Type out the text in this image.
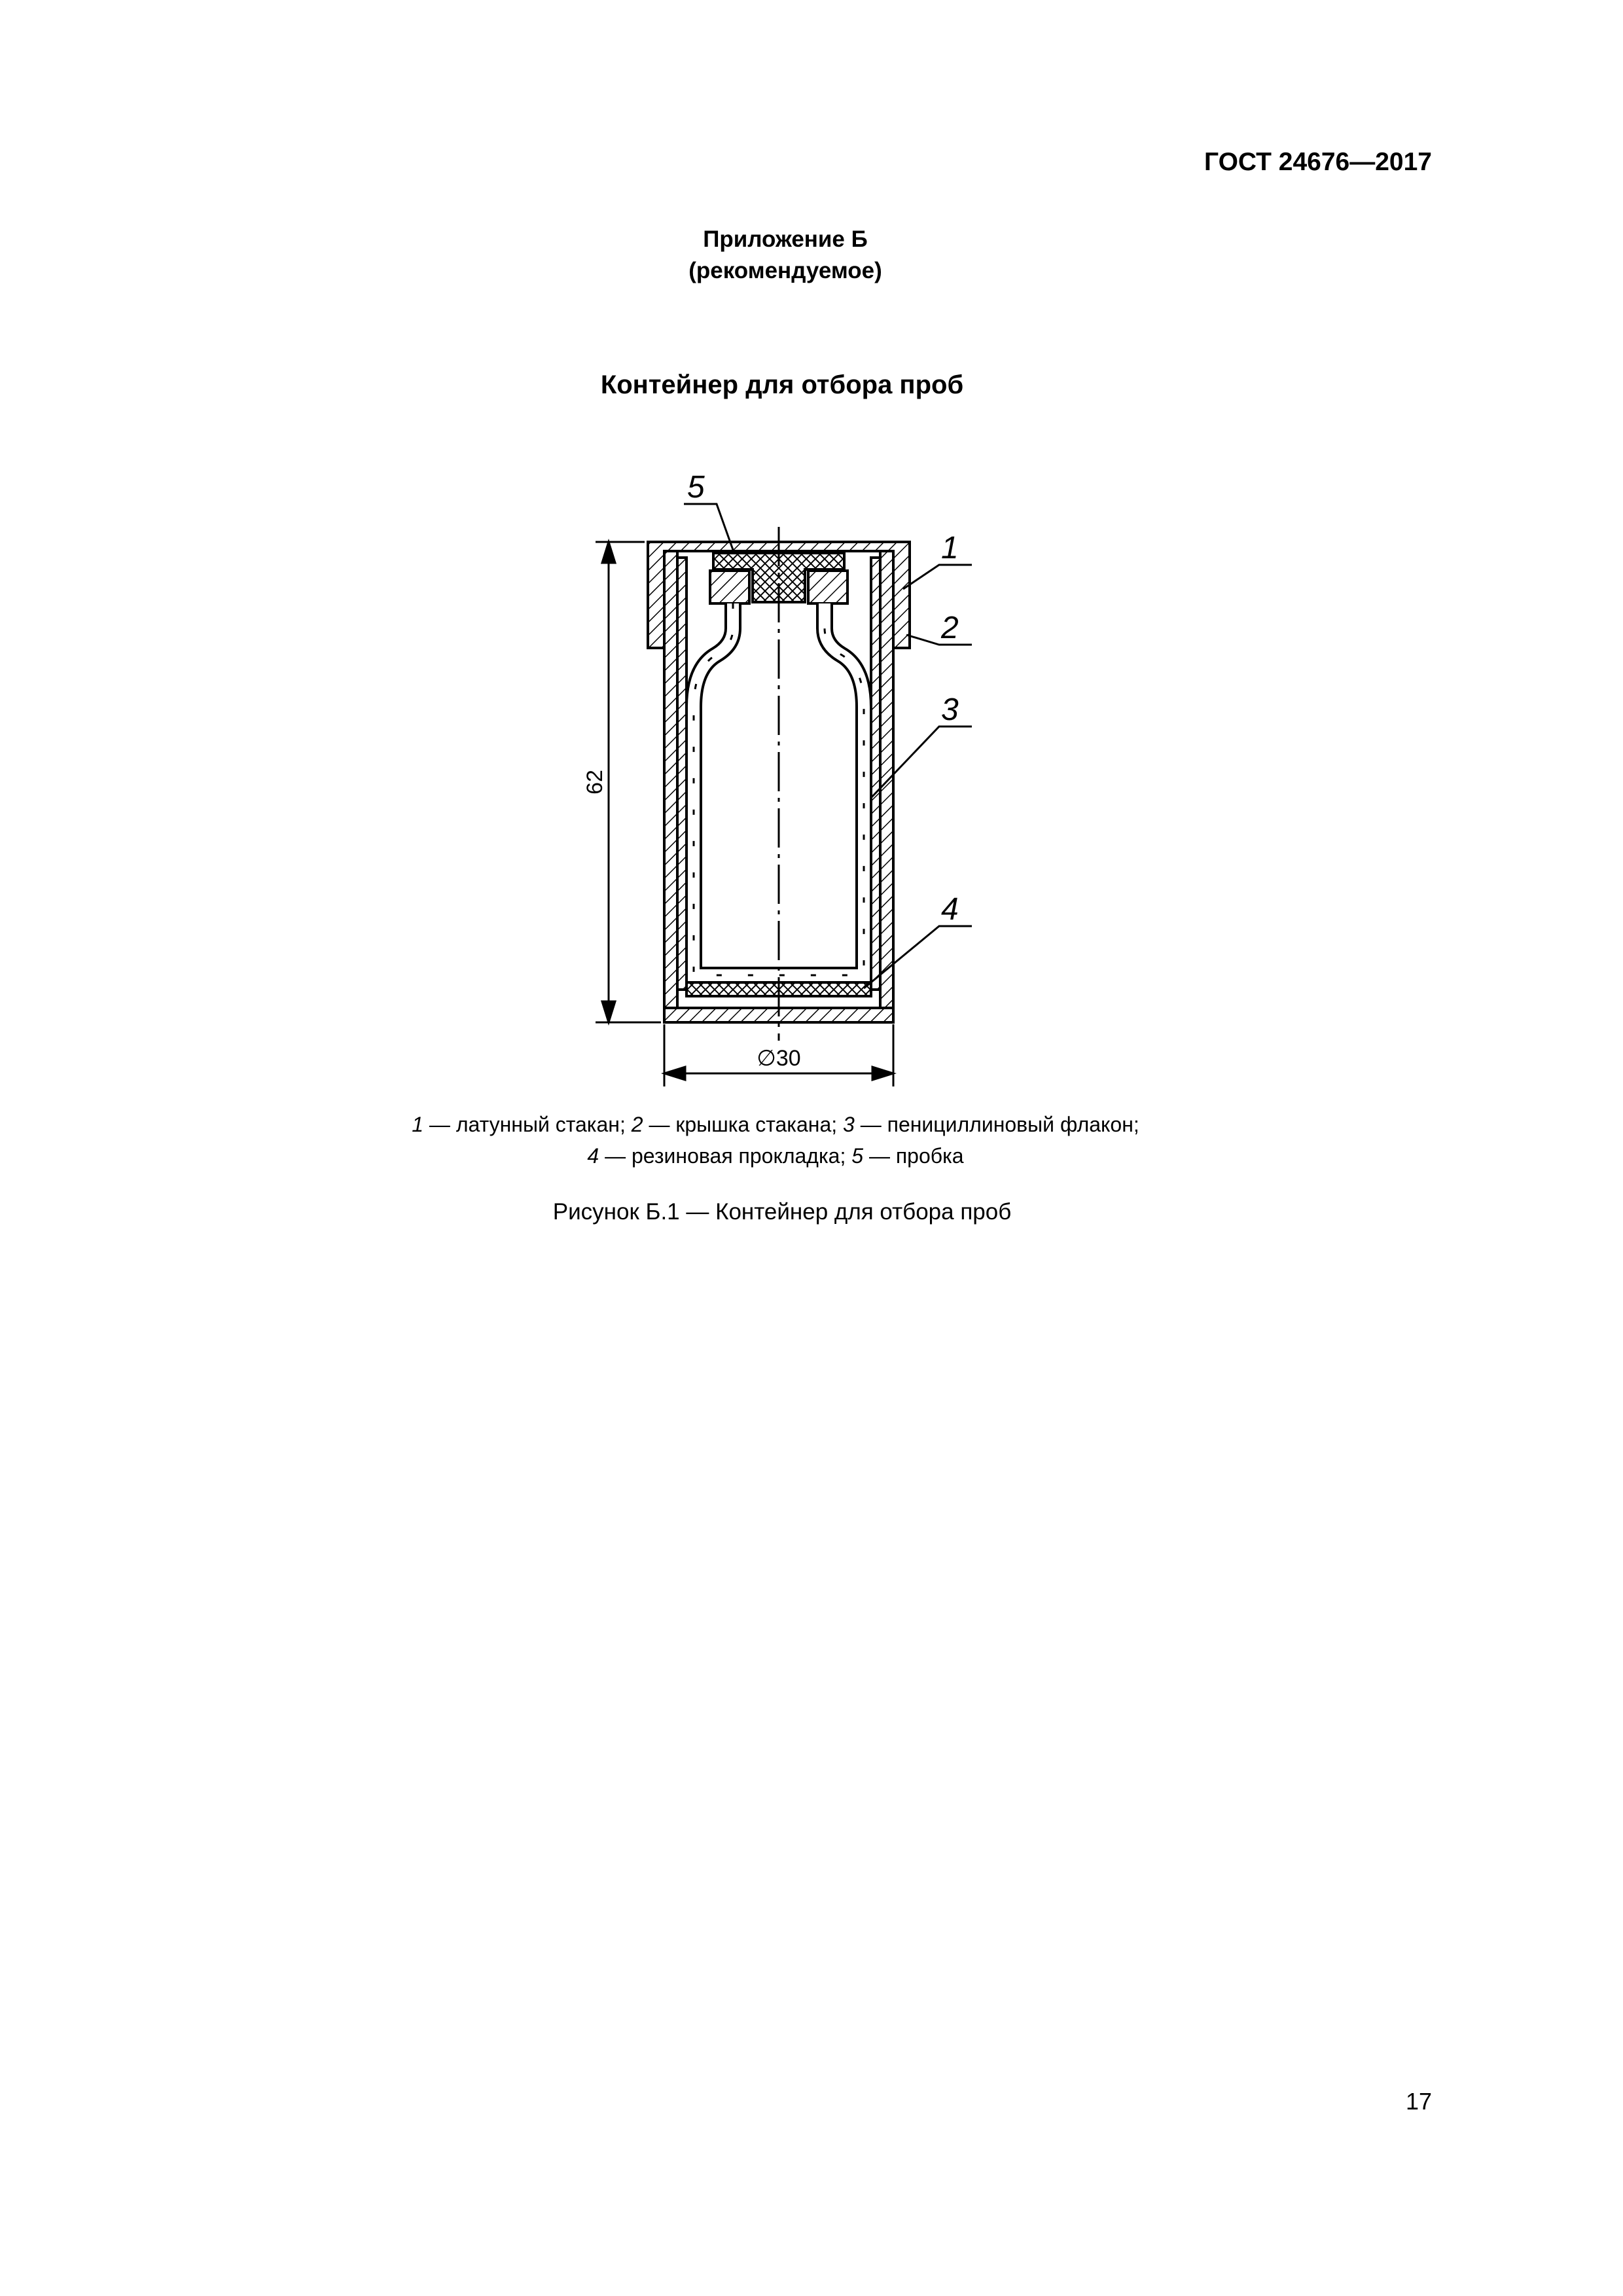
ГОСТ 24676—2017
Приложение Б
(рекомендуемое)
Контейнер для отбора проб
62
∅30
5
1
2
3
4
1 — латунный стакан; 2 — крышка стакана; 3 — пенициллиновый флакон;
4 — резиновая прокладка; 5 — пробка
Рисунок Б.1 — Контейнер для отбора проб
17
